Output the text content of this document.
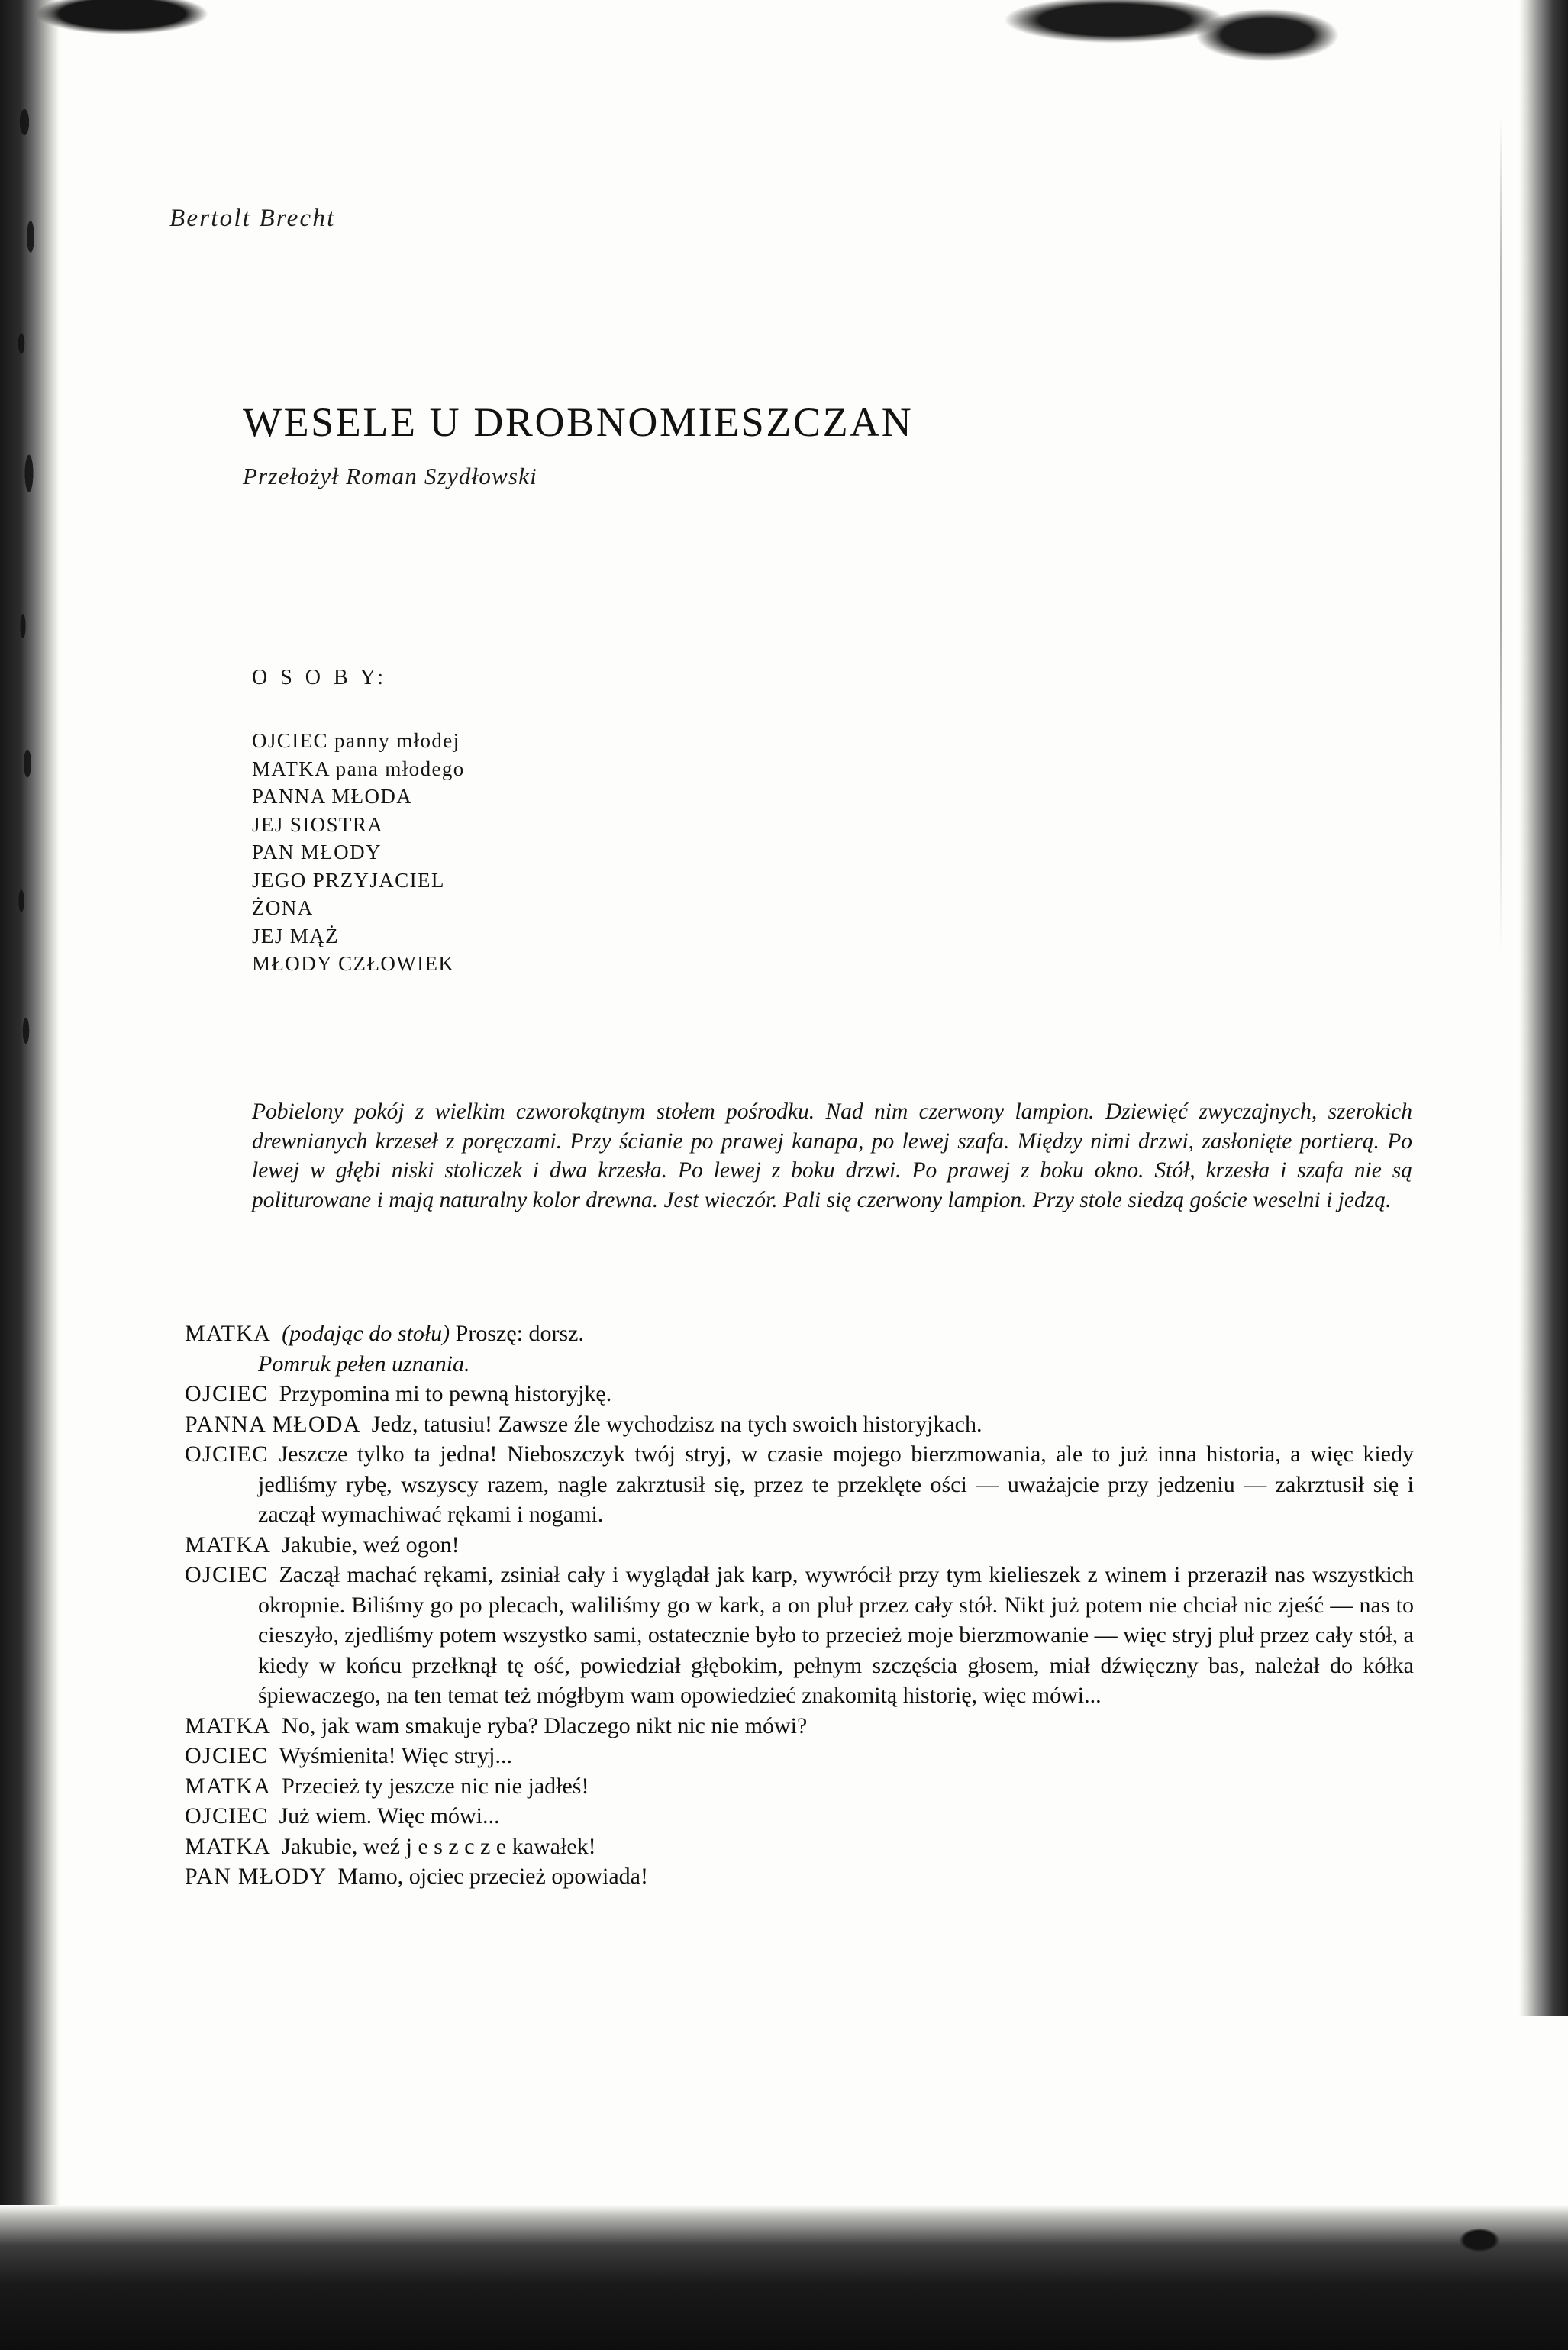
Bertolt Brecht
WESELE U DROBNOMIESZCZAN
Przełożył Roman Szydłowski
O S O B Y:
OJCIEC panny młodej
MATKA pana młodego
PANNA MŁODA
JEJ SIOSTRA
PAN MŁODY
JEGO PRZYJACIEL
ŻONA
JEJ MĄŻ
MŁODY CZŁOWIEK
Pobielony pokój z wielkim czworokątnym stołem pośrodku. Nad nim czerwony lampion. Dziewięć zwyczajnych, szerokich drewnianych krzeseł z poręczami. Przy ścianie po prawej kanapa, po lewej szafa. Między nimi drzwi, zasłonięte portierą. Po lewej w głębi niski stoliczek i dwa krzesła. Po lewej z boku drzwi. Po prawej z boku okno. Stół, krzesła i szafa nie są politurowane i mają naturalny kolor drewna. Jest wieczór. Pali się czerwony lampion. Przy stole siedzą goście weselni i jedzą.

MATKA (podając do stołu) Proszę: dorsz.

Pomruk pełen uznania.

OJCIEC Przypomina mi to pewną historyjkę.

PANNA MŁODA Jedz, tatusiu! Zawsze źle wychodzisz na tych swoich historyjkach.

OJCIEC Jeszcze tylko ta jedna! Nieboszczyk twój stryj, w czasie mojego bierzmowania, ale to już inna historia, a więc kiedy jedliśmy rybę, wszyscy razem, nagle zakrztusił się, przez te przeklęte ości — uważajcie przy jedzeniu — zakrztusił się i zaczął wymachiwać rękami i nogami.

MATKA Jakubie, weź ogon!

OJCIEC Zaczął machać rękami, zsiniał cały i wyglądał jak karp, wywrócił przy tym kielieszek z winem i przeraził nas wszystkich okropnie. Biliśmy go po plecach, waliliśmy go w kark, a on pluł przez cały stół. Nikt już potem nie chciał nic zjeść — nas to cieszyło, zjedliśmy potem wszystko sami, ostatecznie było to przecież moje bierzmowanie — więc stryj pluł przez cały stół, a kiedy w końcu przełknął tę ość, powiedział głębokim, pełnym szczęścia głosem, miał dźwięczny bas, należał do kółka śpiewaczego, na ten temat też mógłbym wam opowiedzieć znakomitą historię, więc mówi...

MATKA No, jak wam smakuje ryba? Dlaczego nikt nic nie mówi?

OJCIEC Wyśmienita! Więc stryj...

MATKA Przecież ty jeszcze nic nie jadłeś!

OJCIEC Już wiem. Więc mówi...

MATKA Jakubie, weź j e s z c z e kawałek!

PAN MŁODY Mamo, ojciec przecież opowiada!
